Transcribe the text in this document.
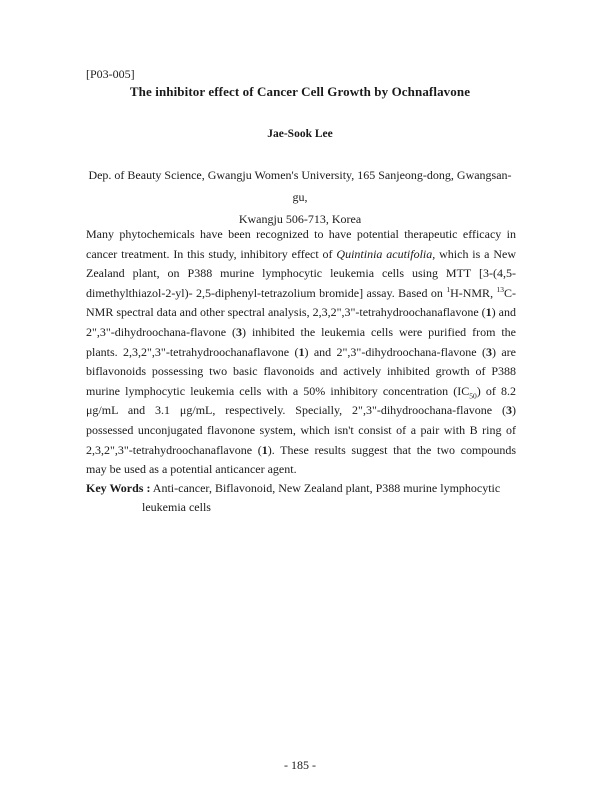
[P03-005]
The inhibitor effect of Cancer Cell Growth by Ochnaflavone
Jae-Sook Lee
Dep. of Beauty Science, Gwangju Women's University, 165 Sanjeong-dong, Gwangsan-gu,
Kwangju 506-713, Korea

Many phytochemicals have been recognized to have potential therapeutic efficacy in cancer treatment. In this study, inhibitory effect of Quintinia acutifolia, which is a New Zealand plant, on P388 murine lymphocytic leukemia cells using MTT [3-(4,5-dimethylthiazol-2-yl)- 2,5-diphenyl-tetrazolium bromide] assay. Based on $^1$H-NMR, $^{13}$C-NMR spectral data and other spectral analysis, 2,3,2",3"-tetrahydroochanaflavone (1) and 2",3"-dihydroochana-flavone (3) inhibited the leukemia cells were purified from the plants. 2,3,2",3"-tetrahydroochanaflavone (1) and 2",3"-dihydroochana-flavone (3) are biflavonoids possessing two basic flavonoids and actively inhibited growth of P388 murine lymphocytic leukemia cells with a 50% inhibitory concentration $(IC_{50})$ of 8.2 μg/mL and 3.1 μg/mL, respectively. Specially, 2",3"-dihydroochana-flavone (3) possessed unconjugated flavonone system, which isn't consist of a pair with B ring of 2,3,2",3"-tetrahydroochanaflavone (1). These results suggest that the two compounds may be used as a potential anticancer agent.

Key Words : Anti-cancer, Biflavonoid, New Zealand plant, P388 murine lymphocytic
leukemia cells
- 185 -
